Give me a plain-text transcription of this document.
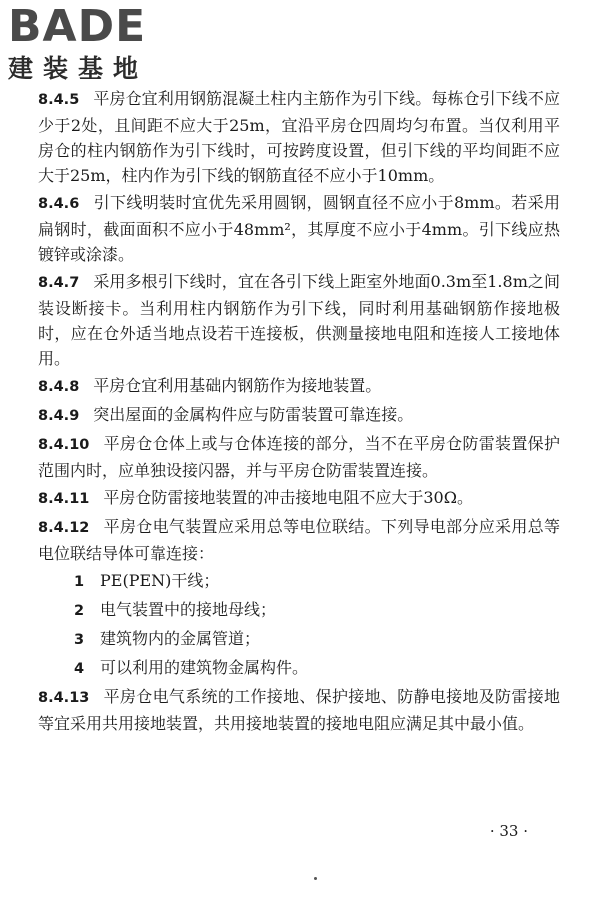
BADE
建装基地

8.4.5 平房仓宜利用钢筋混凝土柱内主筋作为引下线。每栋仓引下线不应少于2处，且间距不应大于25m，宜沿平房仓四周均匀布置。当仅利用平房仓的柱内钢筋作为引下线时，可按跨度设置，但引下线的平均间距不应大于25m，柱内作为引下线的钢筋直径不应小于10mm。

8.4.6 引下线明装时宜优先采用圆钢，圆钢直径不应小于8mm。若采用扁钢时，截面面积不应小于48mm²，其厚度不应小于4mm。引下线应热镀锌或涂漆。

8.4.7 采用多根引下线时，宜在各引下线上距室外地面0.3m至1.8m之间装设断接卡。当利用柱内钢筋作为引下线，同时利用基础钢筋作接地极时，应在仓外适当地点设若干连接板，供测量接地电阻和连接人工接地体用。

8.4.8 平房仓宜利用基础内钢筋作为接地装置。

8.4.9 突出屋面的金属构件应与防雷装置可靠连接。

8.4.10 平房仓仓体上或与仓体连接的部分，当不在平房仓防雷装置保护范围内时，应单独设接闪器，并与平房仓防雷装置连接。

8.4.11 平房仓防雷接地装置的冲击接地电阻不应大于30Ω。

8.4.12 平房仓电气装置应采用总等电位联结。下列导电部分应采用总等电位联结导体可靠连接：

1 PE(PEN)干线；

2 电气装置中的接地母线；

3 建筑物内的金属管道；

4 可以利用的建筑物金属构件。

8.4.13 平房仓电气系统的工作接地、保护接地、防静电接地及防雷接地等宜采用共用接地装置，共用接地装置的接地电阻应满足其中最小值。

· 33 ·
